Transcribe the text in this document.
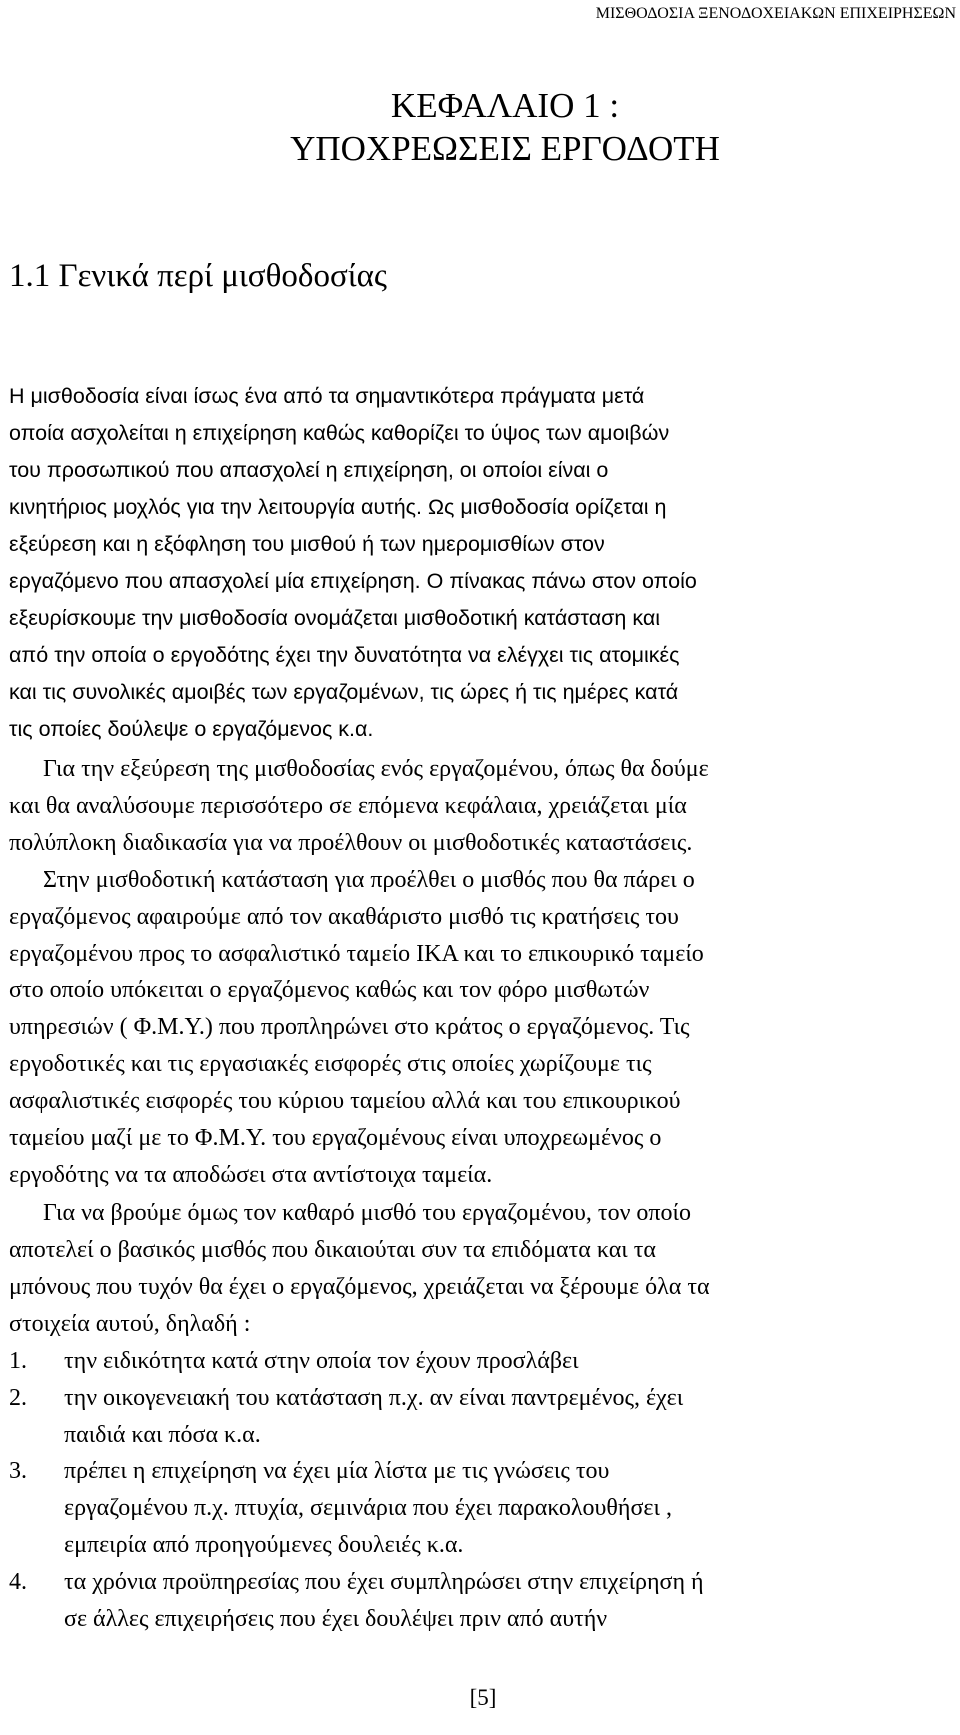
ΜΙΣΘΟΔΟΣΙΑ ΞΕΝΟΔΟΧΕΙΑΚΩΝ ΕΠΙΧΕΙΡΗΣΕΩΝ
ΚΕΦΑΛΑΙΟ 1 :
ΥΠΟΧΡΕΩΣΕΙΣ ΕΡΓΟΔΟΤΗ
1.1 Γενικά περί μισθοδοσίας
Η μισθοδοσία είναι ίσως ένα από τα σημαντικότερα πράγματα μετά
οποία ασχολείται η επιχείρηση καθώς καθορίζει το ύψος των αμοιβών
του προσωπικού που απασχολεί η επιχείρηση, οι οποίοι είναι ο
κινητήριος μοχλός για την λειτουργία αυτής. Ως μισθοδοσία ορίζεται η
εξεύρεση και η εξόφληση του μισθού ή των ημερομισθίων στον
εργαζόμενο που απασχολεί μία επιχείρηση. Ο πίνακας πάνω στον οποίο
εξευρίσκουμε την μισθοδοσία ονομάζεται μισθοδοτική κατάσταση και
από την οποία ο εργοδότης έχει την δυνατότητα να ελέγχει τις ατομικές
και τις συνολικές αμοιβές των εργαζομένων, τις ώρες ή τις ημέρες κατά
τις οποίες δούλεψε ο εργαζόμενος κ.α.
Για την εξεύρεση της μισθοδοσίας ενός εργαζομένου, όπως θα δούμε
και θα αναλύσουμε περισσότερο σε επόμενα κεφάλαια, χρειάζεται μία
πολύπλοκη διαδικασία για να προέλθουν οι μισθοδοτικές καταστάσεις.
Στην μισθοδοτική κατάσταση για προέλθει ο μισθός που θα πάρει ο
εργαζόμενος αφαιρούμε από τον ακαθάριστο μισθό τις κρατήσεις του
εργαζομένου προς το ασφαλιστικό ταμείο ΙΚΑ και το επικουρικό ταμείο
στο οποίο υπόκειται ο εργαζόμενος καθώς και τον φόρο μισθωτών
υπηρεσιών ( Φ.Μ.Υ.) που προπληρώνει στο κράτος ο εργαζόμενος. Τις
εργοδοτικές και τις εργασιακές εισφορές στις οποίες χωρίζουμε τις
ασφαλιστικές εισφορές του κύριου ταμείου αλλά και του επικουρικού
ταμείου μαζί με το Φ.Μ.Υ. του εργαζομένους είναι υποχρεωμένος ο
εργοδότης να τα αποδώσει στα αντίστοιχα ταμεία.
Για να βρούμε όμως τον καθαρό μισθό του εργαζομένου, τον οποίο
αποτελεί ο βασικός μισθός που δικαιούται συν τα επιδόματα και τα
μπόνους που τυχόν θα έχει ο εργαζόμενος, χρειάζεται να ξέρουμε όλα τα
στοιχεία αυτού, δηλαδή :
1. την ειδικότητα κατά στην οποία τον έχουν προσλάβει
2. την οικογενειακή του κατάσταση π.χ. αν είναι παντρεμένος, έχει
παιδιά και πόσα κ.α.
3. πρέπει η επιχείρηση να έχει μία λίστα με τις γνώσεις του
εργαζομένου π.χ. πτυχία, σεμινάρια που έχει παρακολουθήσει ,
εμπειρία από προηγούμενες δουλειές κ.α.
4. τα χρόνια προϋπηρεσίας που έχει συμπληρώσει στην επιχείρηση ή
σε άλλες επιχειρήσεις που έχει δουλέψει πριν από αυτήν
[5]
